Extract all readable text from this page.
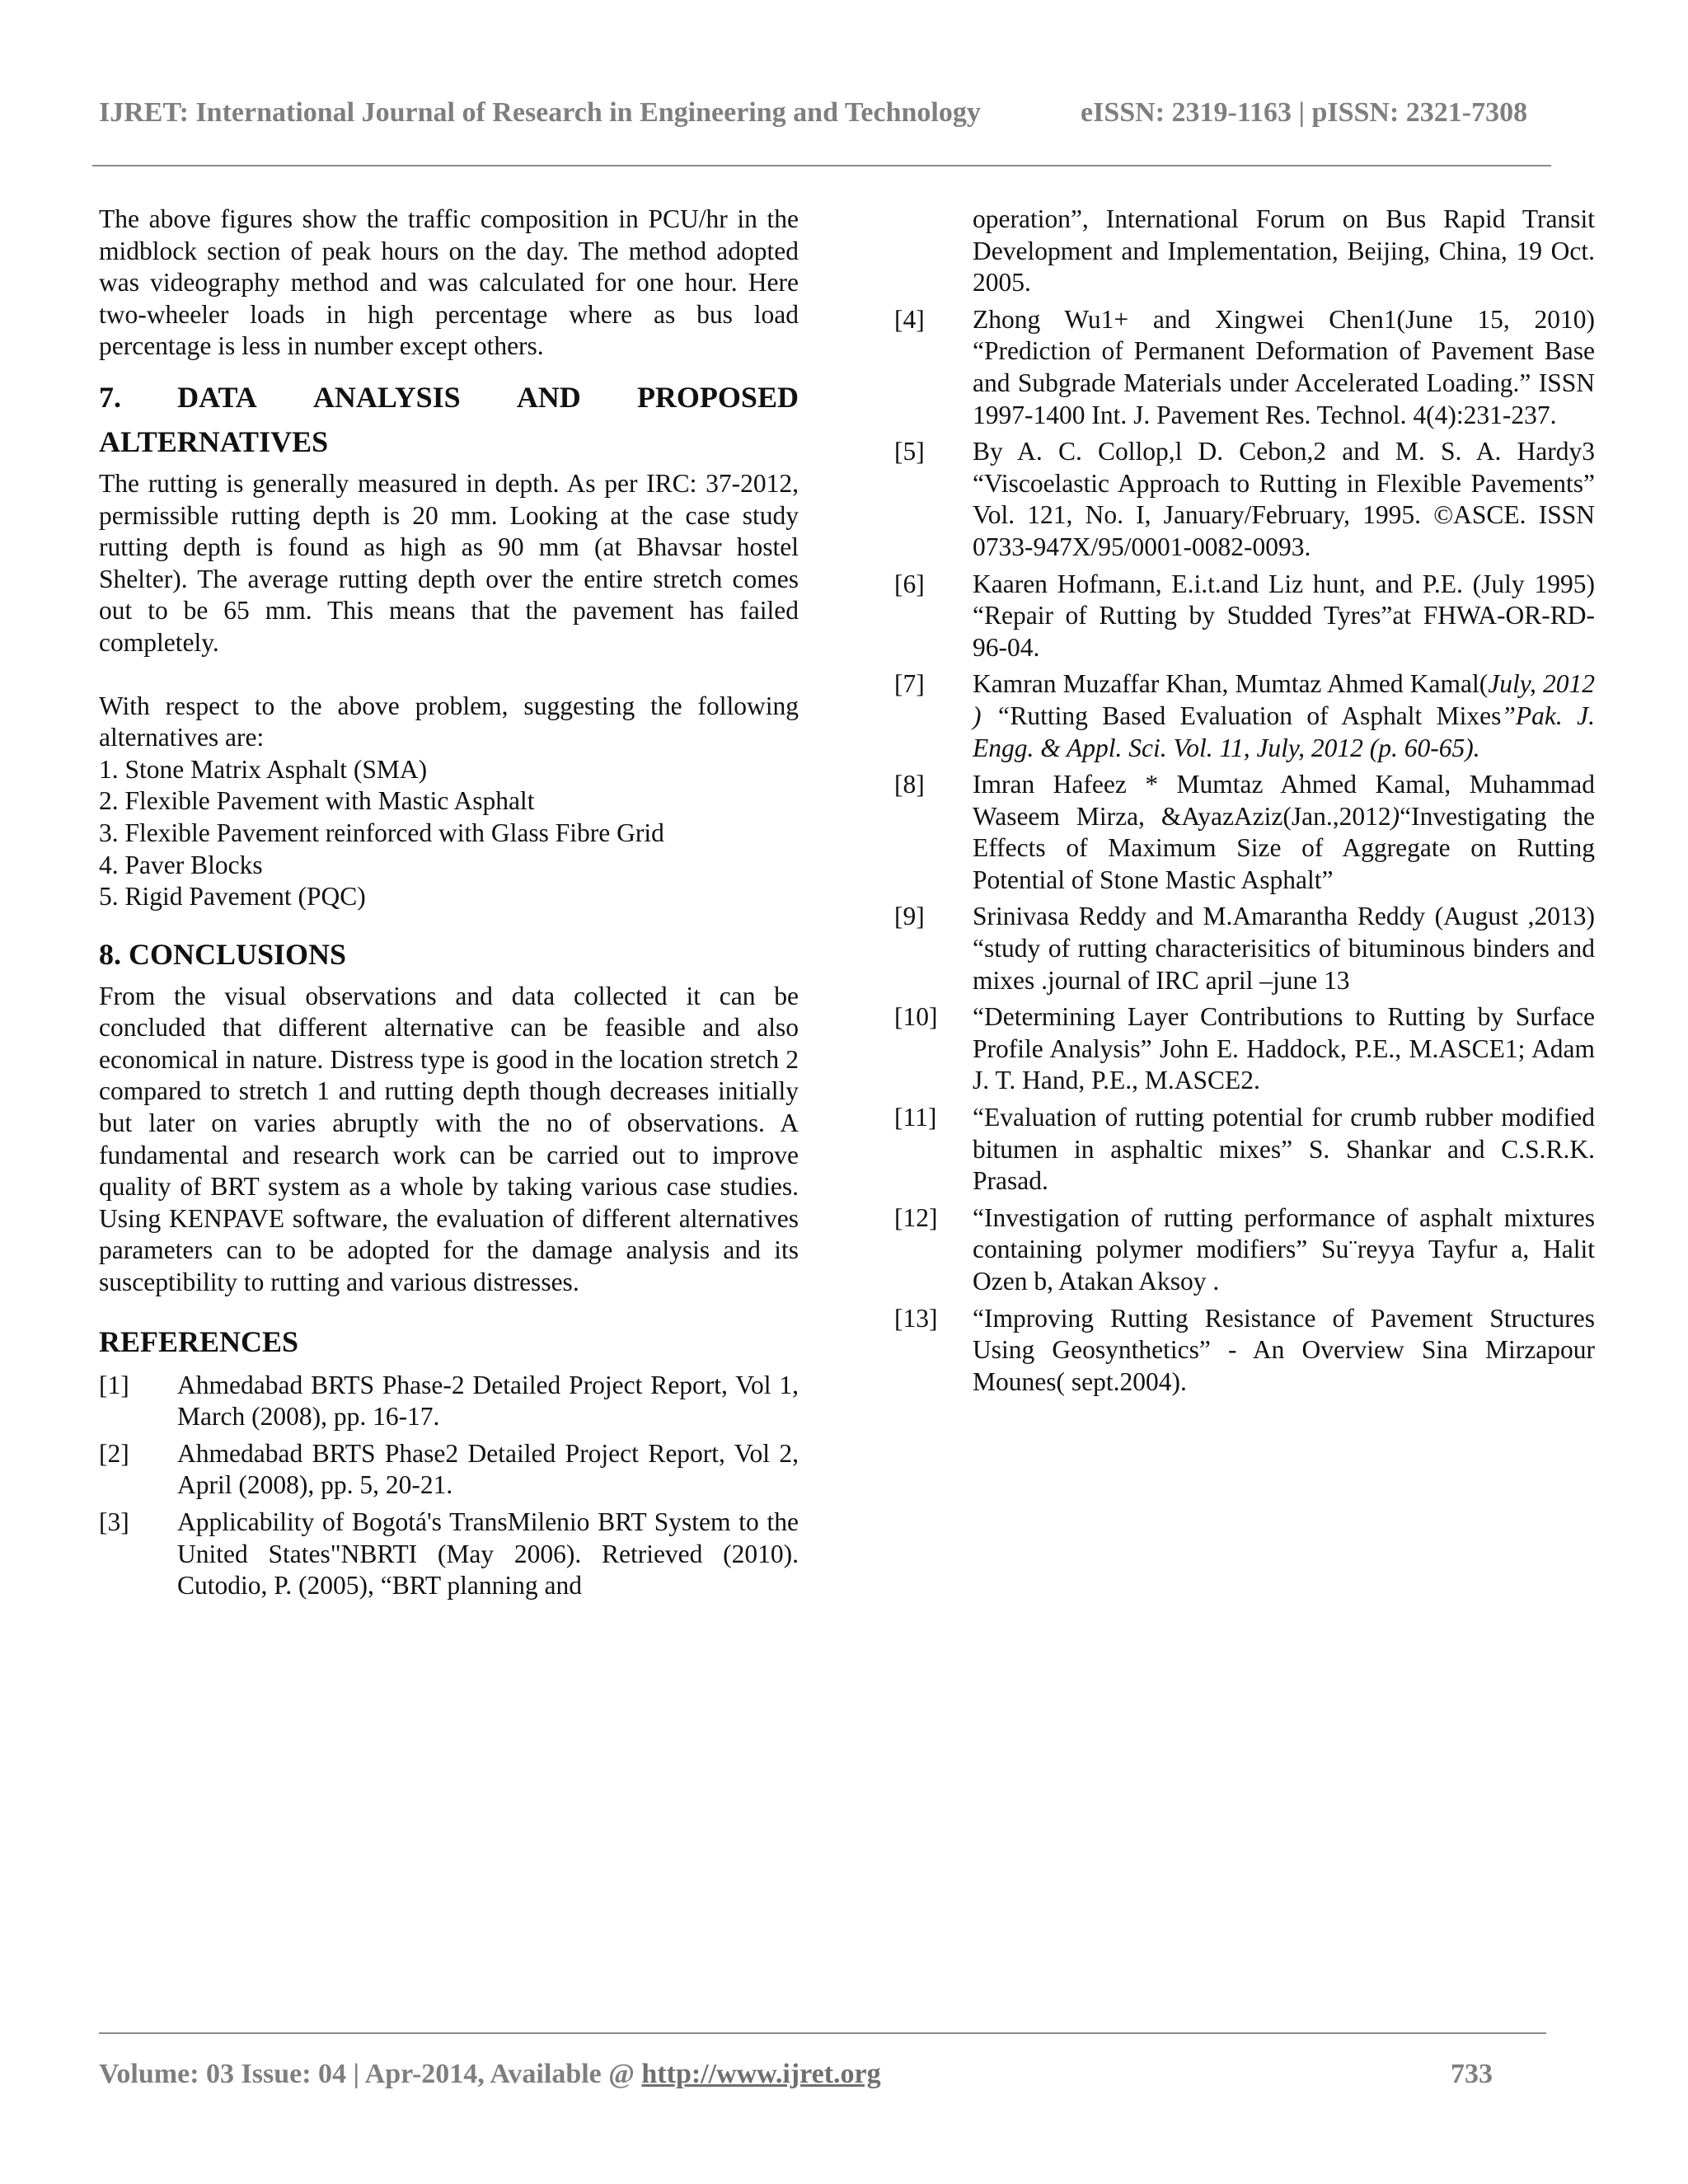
IJRET: International Journal of Research in Engineering and Technology	eISSN: 2319-1163 | pISSN: 2321-7308

The above figures show the traffic composition in PCU/hr in the midblock section of peak hours on the day. The method adopted was videography method and was calculated for one hour. Here two-wheeler loads in high percentage where as bus load percentage is less in number except others.

7. DATA ANALYSIS AND PROPOSED
ALTERNATIVES

The rutting is generally measured in depth. As per IRC: 37-2012, permissible rutting depth is 20 mm. Looking at the case study rutting depth is found as high as 90 mm (at Bhavsar hostel Shelter). The average rutting depth over the entire stretch comes out to be 65 mm. This means that the pavement has failed completely.

With respect to the above problem, suggesting the following alternatives are:

1. Stone Matrix Asphalt (SMA)
2. Flexible Pavement with Mastic Asphalt
3. Flexible Pavement reinforced with Glass Fibre Grid
4. Paver Blocks
5. Rigid Pavement (PQC)
8. CONCLUSIONS

From the visual observations and data collected it can be concluded that different alternative can be feasible and also economical in nature. Distress type is good in the location stretch 2 compared to stretch 1 and rutting depth though decreases initially but later on varies abruptly with the no of observations. A fundamental and research work can be carried out to improve quality of BRT system as a whole by taking various case studies. Using KENPAVE software, the evaluation of different alternatives parameters can to be adopted for the damage analysis and its susceptibility to rutting and various distresses.

REFERENCES
[1]	Ahmedabad BRTS Phase-2 Detailed Project Report, Vol 1, March (2008), pp. 16-17.
[2]	Ahmedabad BRTS Phase2 Detailed Project Report, Vol 2, April (2008), pp. 5, 20-21.
[3]	Applicability of Bogotá's TransMilenio BRT System to the United States"NBRTI (May 2006). Retrieved (2010). Cutodio, P. (2005), “BRT planning and

operation”, International Forum on Bus Rapid Transit Development and Implementation, Beijing, China, 19 Oct. 2005.

[4]	Zhong Wu1+ and Xingwei Chen1(June 15, 2010) “Prediction of Permanent Deformation of Pavement Base and Subgrade Materials under Accelerated Loading.” ISSN 1997-1400 Int. J. Pavement Res. Technol. 4(4):231-237.
[5]	By A. C. Collop,l D. Cebon,2 and M. S. A. Hardy3 “Viscoelastic Approach to Rutting in Flexible Pavements” Vol. 121, No. I, January/February, 1995. ©ASCE. ISSN 0733-947X/95/0001-0082-0093.
[6]	Kaaren Hofmann, E.i.t.and Liz hunt, and P.E. (July 1995) “Repair of Rutting by Studded Tyres”at FHWA-OR-RD-96-04.
[7]	Kamran Muzaffar Khan, Mumtaz Ahmed Kamal(July, 2012 ) “Rutting Based Evaluation of Asphalt Mixes”Pak. J. Engg. & Appl. Sci. Vol. 11, July, 2012 (p. 60-65).
[8]	Imran Hafeez * Mumtaz Ahmed Kamal, Muhammad Waseem Mirza, &AyazAziz(Jan.,2012)“Investigating the Effects of Maximum Size of Aggregate on Rutting Potential of Stone Mastic Asphalt”
[9]	Srinivasa Reddy and M.Amarantha Reddy (August ,2013) “study of rutting characterisitics of bituminous binders and mixes .journal of IRC april –june 13
[10]	“Determining Layer Contributions to Rutting by Surface Profile Analysis” John E. Haddock, P.E., M.ASCE1; Adam J. T. Hand, P.E., M.ASCE2.
[11]	“Evaluation of rutting potential for crumb rubber modified bitumen in asphaltic mixes” S. Shankar and C.S.R.K. Prasad.
[12]	“Investigation of rutting performance of asphalt mixtures containing polymer modifiers” Su¨reyya Tayfur a, Halit Ozen b, Atakan Aksoy .
[13]	“Improving Rutting Resistance of Pavement Structures Using Geosynthetics” - An Overview Sina Mirzapour Mounes( sept.2004).
Volume: 03 Issue: 04 | Apr-2014, Available @ http://www.ijret.org	733
